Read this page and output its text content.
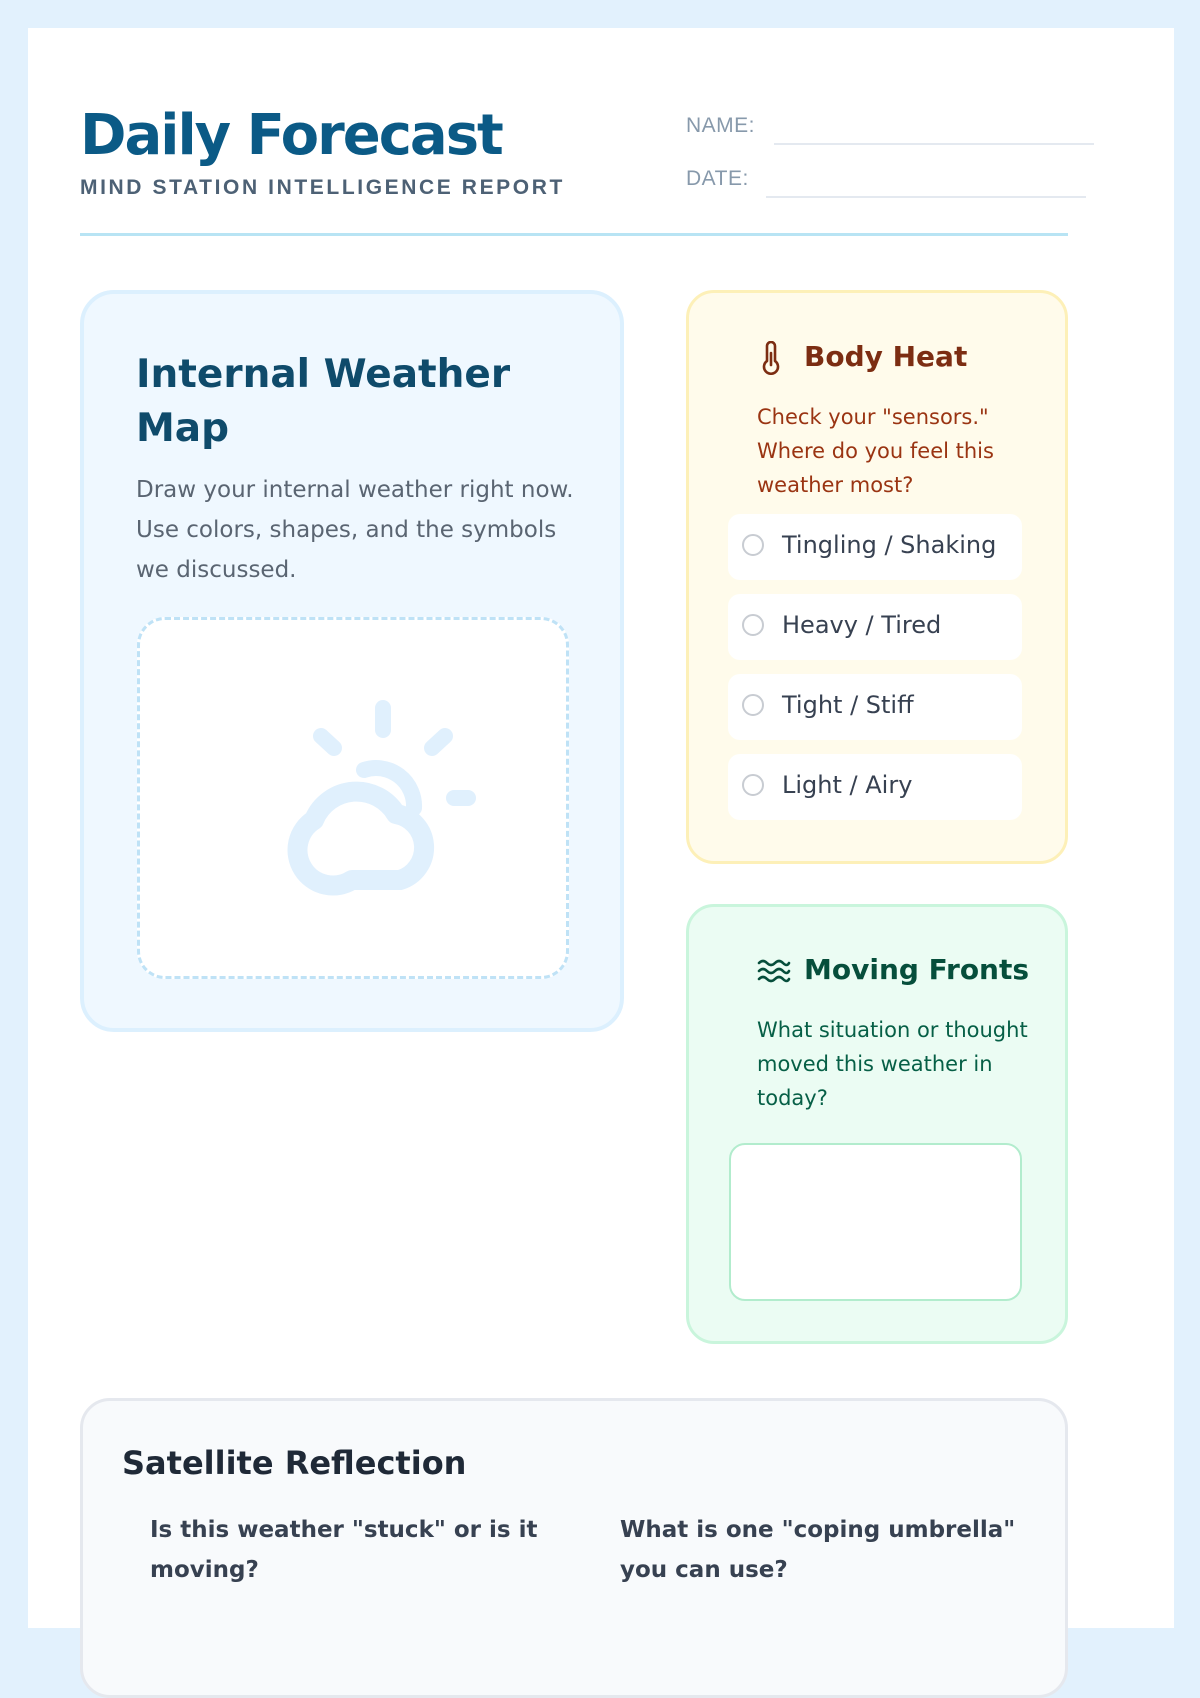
Daily Forecast
MIND STATION INTELLIGENCE REPORT
NAME:
DATE:
Internal Weather Map
Draw your internal weather right now. Use colors, shapes, and the symbols we discussed.
Body Heat
Check your "sensors." Where do you feel this weather most?
Tingling / Shaking
Heavy / Tired
Tight / Stiff
Light / Airy
Moving Fronts
What situation or thought moved this weather in today?
Satellite Reflection
Is this weather "stuck" or is it moving?
What is one "coping umbrella" you can use?
